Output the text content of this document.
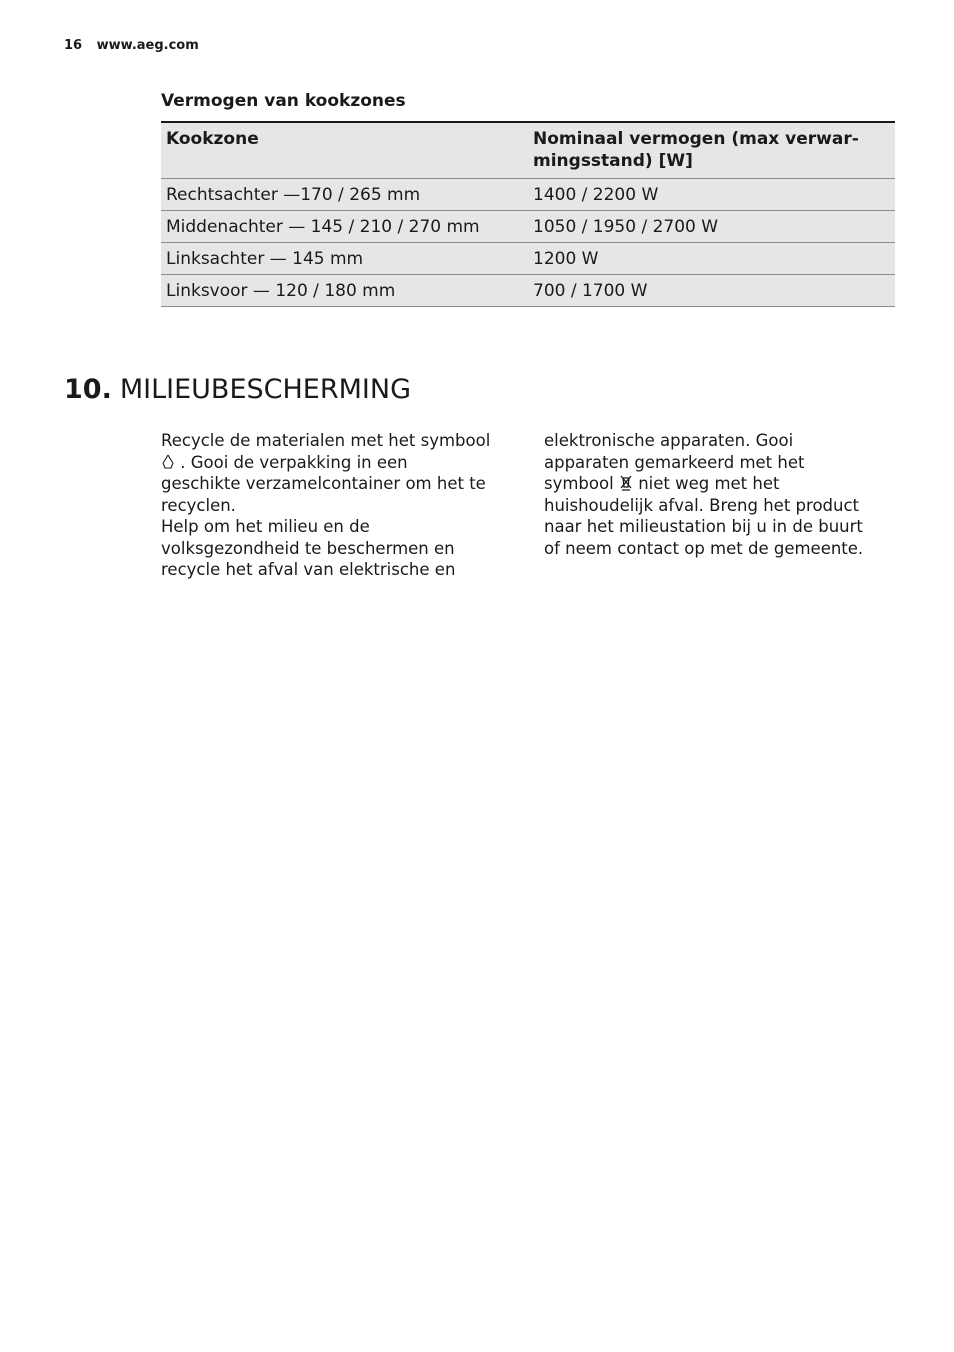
16 www.aeg.com
Vermogen van kookzones
Kookzone	Nominaal vermogen (max verwar-mingsstand) [W]
Rechtsachter —170 / 265 mm	1400 / 2200 W
Middenachter — 145 / 210 / 270 mm	1050 / 1950 / 2700 W
Linksachter — 145 mm	1200 W
Linksvoor — 120 / 180 mm	700 / 1700 W
10. MILIEUBESCHERMING

Recycle de materialen met het symbool  . Gooi de verpakking in een geschikte verzamelcontainer om het te recyclen.

Help om het milieu en de volksgezondheid te beschermen en recycle het afval van elektrische en

elektronische apparaten. Gooi apparaten gemarkeerd met het symbool niet weg met het huishoudelijk afval. Breng het product naar het milieustation bij u in de buurt of neem contact op met de gemeente.
